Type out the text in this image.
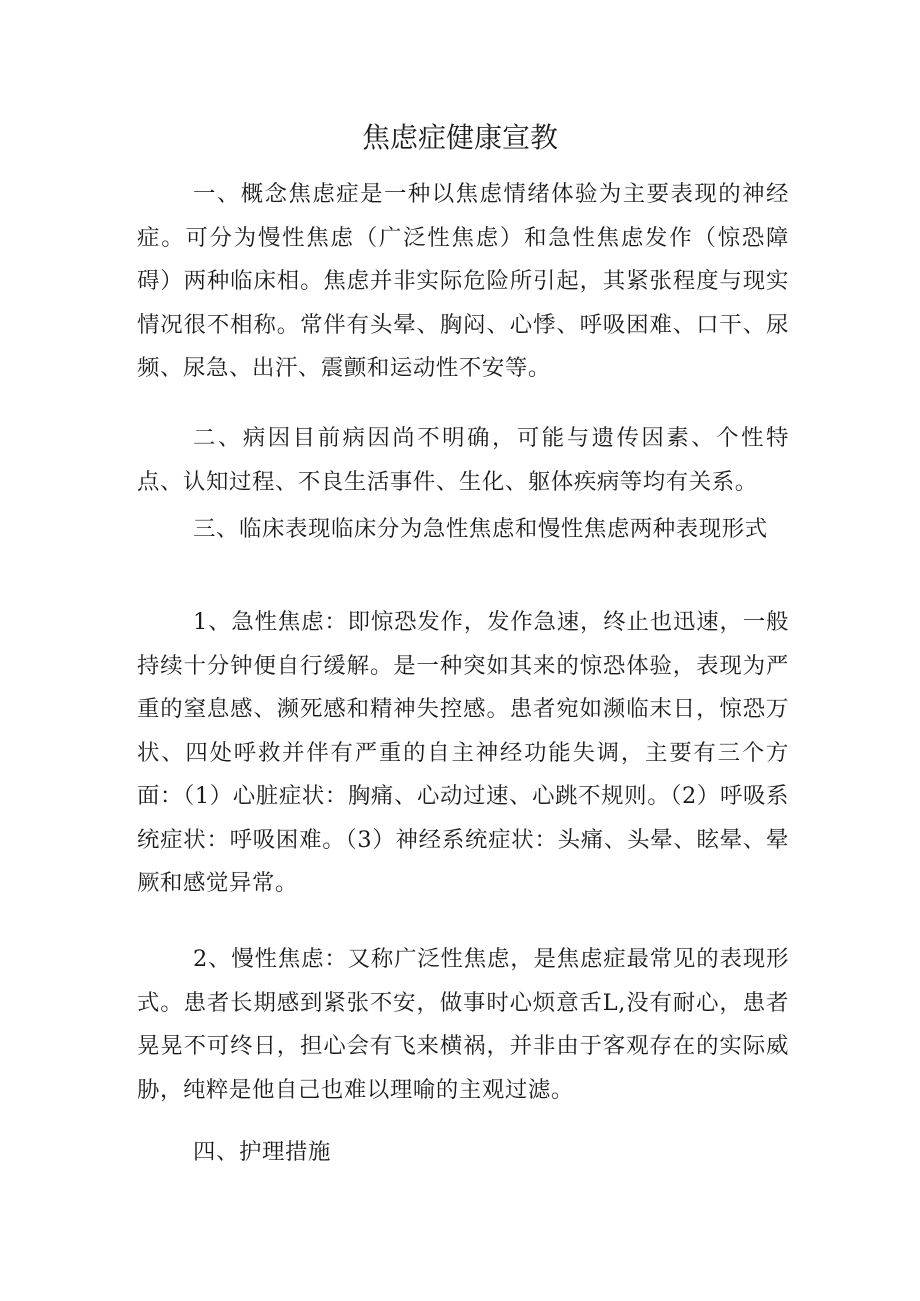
焦虑症健康宣教

一、概念焦虑症是一种以焦虑情绪体验为主要表现的神经症。可分为慢性焦虑（广泛性焦虑）和急性焦虑发作（惊恐障碍）两种临床相。焦虑并非实际危险所引起，其紧张程度与现实情况很不相称。常伴有头晕、胸闷、心悸、呼吸困难、口干、尿频、尿急、出汗、震颤和运动性不安等。

二、病因目前病因尚不明确，可能与遗传因素、个性特点、认知过程、不良生活事件、生化、躯体疾病等均有关系。

三、临床表现临床分为急性焦虑和慢性焦虑两种表现形式

1、急性焦虑：即惊恐发作，发作急速，终止也迅速，一般持续十分钟便自行缓解。是一种突如其来的惊恐体验，表现为严重的窒息感、濒死感和精神失控感。患者宛如濒临末日，惊恐万状、四处呼救并伴有严重的自主神经功能失调，主要有三个方面：（1）心脏症状：胸痛、心动过速、心跳不规则。（2）呼吸系统症状：呼吸困难。（3）神经系统症状：头痛、头晕、眩晕、晕厥和感觉异常。

2、慢性焦虑：又称广泛性焦虑，是焦虑症最常见的表现形式。患者长期感到紧张不安，做事时心烦意舌L,没有耐心，患者晃晃不可终日，担心会有飞来横祸，并非由于客观存在的实际威胁，纯粹是他自己也难以理喻的主观过滤。

四、护理措施
